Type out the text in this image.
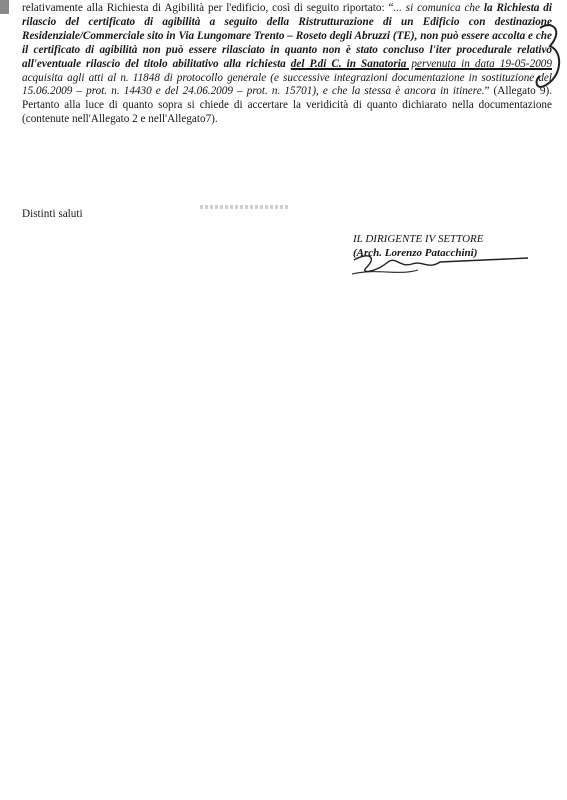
relativamente alla Richiesta di Agibilità per l'edificio, così di seguito riportato: “... si comunica che la Richiesta di rilascio del certificato di agibilità a seguito della Ristrutturazione di un Edificio con destinazione Residenziale/Commerciale sito in Via Lungomare Trento – Roseto degli Abruzzi (TE), non può essere accolta e che il certificato di agibilità non può essere rilasciato in quanto non è stato concluso l'iter procedurale relativo all'eventuale rilascio del titolo abilitativo alla richiesta del P.di C. in Sanatoria pervenuta in data 19-05-2009 acquisita agli atti al n. 11848 di protocollo generale (e successive integrazioni documentazione in sostituzione del 15.06.2009 – prot. n. 14430 e del 24.06.2009 – prot. n. 15701), e che la stessa è ancora in itinere.” (Allegato 9). Pertanto alla luce di quanto sopra si chiede di accertare la veridicità di quanto dichiarato nella documentazione (contenute nell'Allegato 2 e nell'Allegato7).
Distinti saluti
IL DIRIGENTE IV SETTORE
(Arch. Lorenzo Patacchini)
